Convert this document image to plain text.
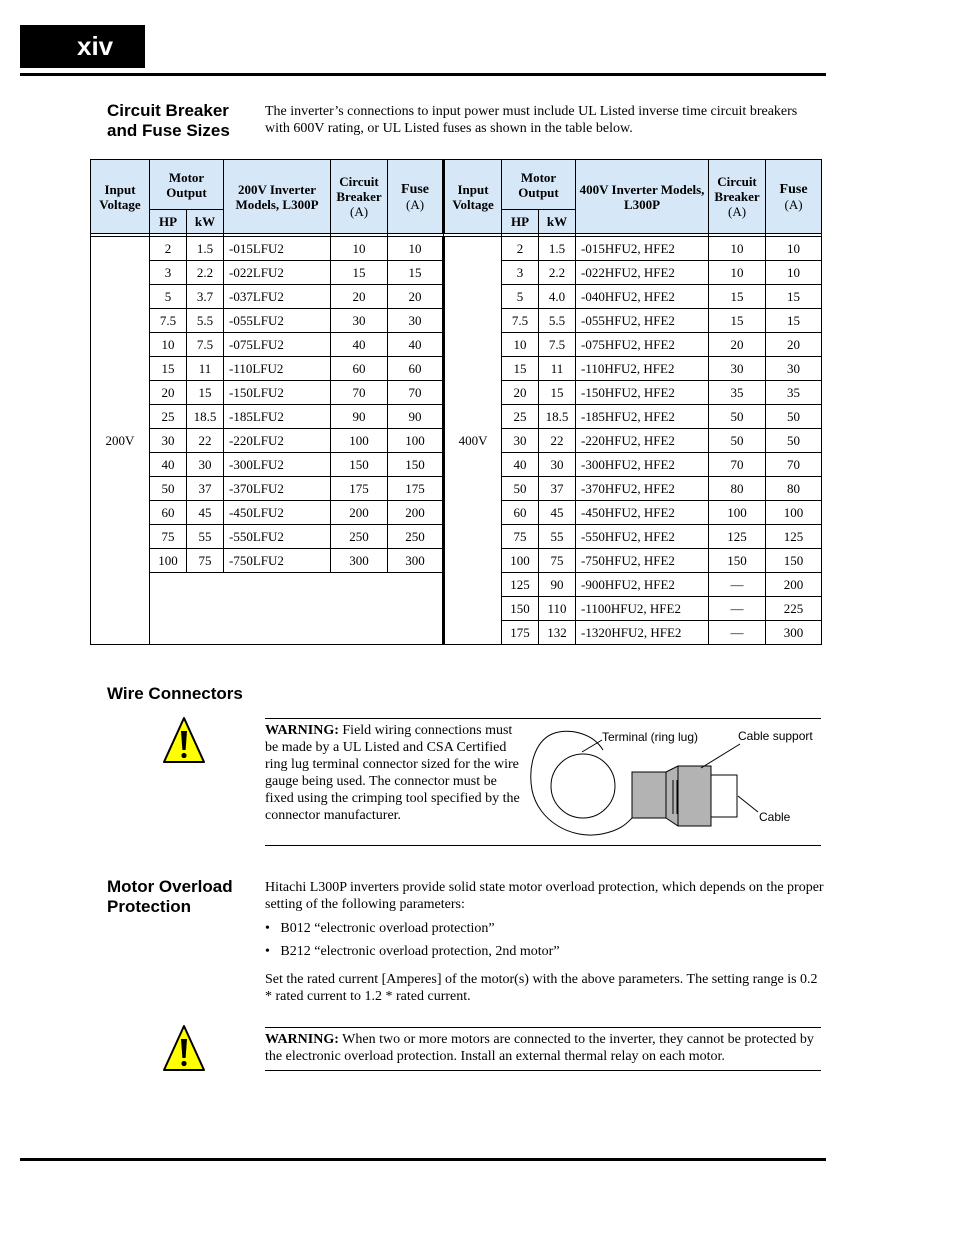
xiv
Circuit Breaker
and Fuse Sizes
The inverter’s connections to input power must include UL Listed inverse time circuit breakers with 600V rating, or UL Listed fuses as shown in the table below.
Input Voltage	Motor Output		200V Inverter Models, L300P	Circuit Breaker
(A)	Fuse
(A)	Input Voltage	Motor Output		400V Inverter Models, L300P	Circuit Breaker
(A)	Fuse
(A)
	HP	kW					HP	kW			

200V	2	1.5	-015LFU2	10	10	400V	2	1.5	-015HFU2, HFE2	10	10
	3	2.2	-022LFU2	15	15		3	2.2	-022HFU2, HFE2	10	10
	5	3.7	-037LFU2	20	20		5	4.0	-040HFU2, HFE2	15	15
	7.5	5.5	-055LFU2	30	30		7.5	5.5	-055HFU2, HFE2	15	15
	10	7.5	-075LFU2	40	40		10	7.5	-075HFU2, HFE2	20	20
	15	11	-110LFU2	60	60		15	11	-110HFU2, HFE2	30	30
	20	15	-150LFU2	70	70		20	15	-150HFU2, HFE2	35	35
	25	18.5	-185LFU2	90	90		25	18.5	-185HFU2, HFE2	50	50
	30	22	-220LFU2	100	100		30	22	-220HFU2, HFE2	50	50
	40	30	-300LFU2	150	150		40	30	-300HFU2, HFE2	70	70
	50	37	-370LFU2	175	175		50	37	-370HFU2, HFE2	80	80
	60	45	-450LFU2	200	200		60	45	-450HFU2, HFE2	100	100
	75	55	-550LFU2	250	250		75	55	-550HFU2, HFE2	125	125
	100	75	-750LFU2	300	300		100	75	-750HFU2, HFE2	150	150
							125	90	-900HFU2, HFE2	—	200
							150	110	-1100HFU2, HFE2	—	225
							175	132	-1320HFU2, HFE2	—	300
Wire Connectors
WARNING: Field wiring connections must be made by a UL Listed and CSA Certified ring lug terminal connector sized for the wire gauge being used. The connector must be fixed using the crimping tool specified by the connector manufacturer.
Terminal (ring lug)	Cable support
Cable
Motor Overload
Protection
Hitachi L300P inverters provide solid state motor overload protection, which depends on the proper setting of the following parameters:
•   B012 “electronic overload protection”
•   B212 “electronic overload protection, 2nd motor”
Set the rated current [Amperes] of the motor(s) with the above parameters. The setting range is 0.2 * rated current to 1.2 * rated current.
WARNING: When two or more motors are connected to the inverter, they cannot be protected by the electronic overload protection. Install an external thermal relay on each motor.
